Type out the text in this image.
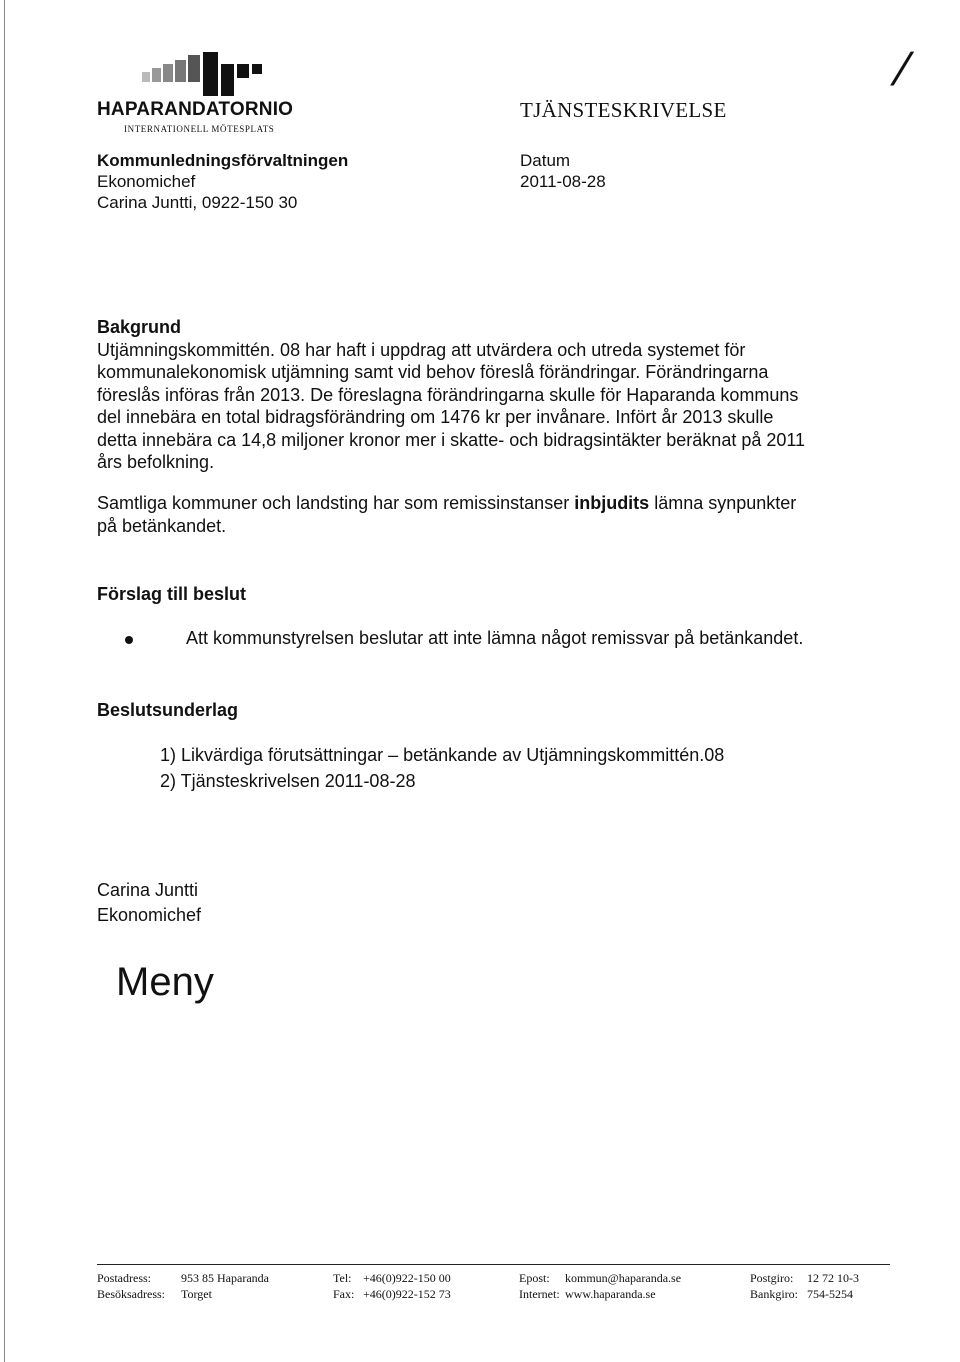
/
HAPARANDATORNIO
INTERNATIONELL MÖTESPLATS
TJÄNSTESKRIVELSE
Kommunledningsförvaltningen
Ekonomichef
Carina Juntti, 0922-150 30
Datum
2011-08-28
Bakgrund
Utjämningskommittén. 08 har haft i uppdrag att utvärdera och utreda systemet för
kommunalekonomisk utjämning samt vid behov föreslå förändringar. Förändringarna
föreslås införas från 2013. De föreslagna förändringarna skulle för Haparanda kommuns
del innebära en total bidragsförändring om 1476 kr per invånare. Infört år 2013 skulle
detta innebära ca 14,8 miljoner kronor mer i skatte- och bidragsintäkter beräknat på 2011
års befolkning.
Samtliga kommuner och landsting har som remissinstanser inbjudits lämna synpunkter
på betänkandet.
Förslag till beslut
Att kommunstyrelsen beslutar att inte lämna något remissvar på betänkandet.
Beslutsunderlag
1) Likvärdiga förutsättningar – betänkande av Utjämningskommittén.08
2) Tjänsteskrivelsen 2011-08-28
Carina Juntti
Ekonomichef
Meny
Postadress:	953 85 Haparanda
Besöksadress: Torget
Tel: +46(0)922-150 00
Fax: +46(0)922-152 73
Epost: kommun@haparanda.se
Internet: www.haparanda.se
Postgiro: 12 72 10-3
Bankgiro: 754-5254
